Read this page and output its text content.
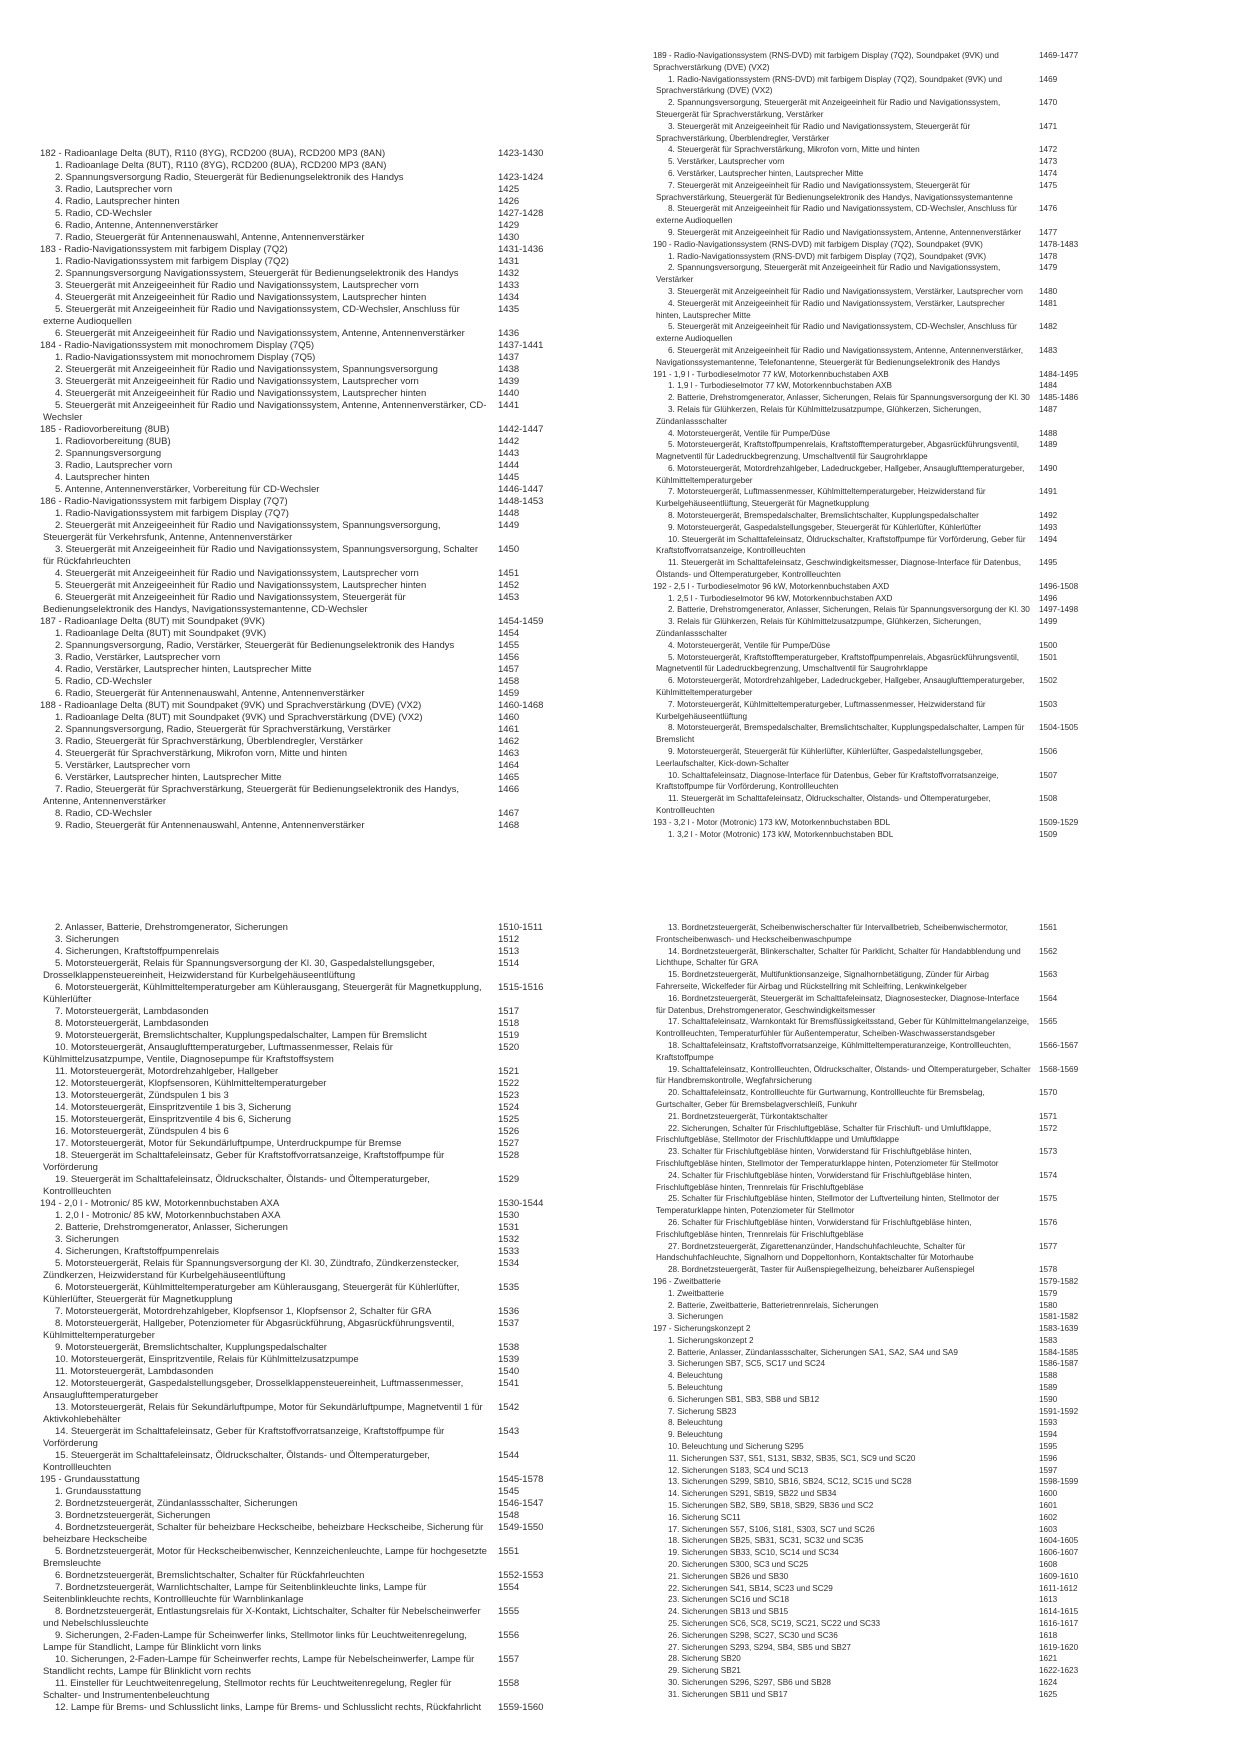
182 - Radioanlage Delta (8UT), R110 (8YG), RCD200 (8UA), RCD200 MP3 (8AN)	1423-1430
1. Radioanlage Delta (8UT), R110 (8YG), RCD200 (8UA), RCD200 MP3 (8AN)
2. Spannungsversorgung Radio, Steuergerät für Bedienungselektronik des Handys	1423-1424
3. Radio, Lautsprecher vorn	1425
4. Radio, Lautsprecher hinten	1426
5. Radio, CD-Wechsler	1427-1428
6. Radio, Antenne, Antennenverstärker	1429
7. Radio, Steuergerät für Antennenauswahl, Antenne, Antennenverstärker	1430
183 - Radio-Navigationssystem mit farbigem Display (7Q2)	1431-1436
1. Radio-Navigationssystem mit farbigem Display (7Q2)	1431
2. Spannungsversorgung Navigationssystem, Steuergerät für Bedienungselektronik des Handys	1432
3. Steuergerät mit Anzeigeeinheit für Radio und Navigationssystem, Lautsprecher vorn	1433
4. Steuergerät mit Anzeigeeinheit für Radio und Navigationssystem, Lautsprecher hinten	1434
5. Steuergerät mit Anzeigeeinheit für Radio und Navigationssystem, CD-Wechsler, Anschluss für externe Audioquellen
1435
6. Steuergerät mit Anzeigeeinheit für Radio und Navigationssystem, Antenne, Antennenverstärker	1436
184 - Radio-Navigationssystem mit monochromem Display (7Q5)	1437-1441
1. Radio-Navigationssystem mit monochromem Display (7Q5)	1437
2. Steuergerät mit Anzeigeeinheit für Radio und Navigationssystem, Spannungsversorgung	1438
3. Steuergerät mit Anzeigeeinheit für Radio und Navigationssystem, Lautsprecher vorn	1439
4. Steuergerät mit Anzeigeeinheit für Radio und Navigationssystem, Lautsprecher hinten	1440
5. Steuergerät mit Anzeigeeinheit für Radio und Navigationssystem, Antenne, Antennenverstärker, CD-Wechsler
1441
185 - Radiovorbereitung (8UB)	1442-1447
1. Radiovorbereitung (8UB)	1442
2. Spannungsversorgung	1443
3. Radio, Lautsprecher vorn	1444
4. Lautsprecher hinten	1445
5. Antenne, Antennenverstärker, Vorbereitung für CD-Wechsler	1446-1447
186 - Radio-Navigationssystem mit farbigem Display (7Q7)	1448-1453
1. Radio-Navigationssystem mit farbigem Display (7Q7)	1448
2. Steuergerät mit Anzeigeeinheit für Radio und Navigationssystem, Spannungsversorgung, Steuergerät für Verkehrsfunk, Antenne, Antennenverstärker
1449
3. Steuergerät mit Anzeigeeinheit für Radio und Navigationssystem, Spannungsversorgung, Schalter für Rückfahrleuchten
1450
4. Steuergerät mit Anzeigeeinheit für Radio und Navigationssystem, Lautsprecher vorn	1451
5. Steuergerät mit Anzeigeeinheit für Radio und Navigationssystem, Lautsprecher hinten	1452
6. Steuergerät mit Anzeigeeinheit für Radio und Navigationssystem, Steuergerät für Bedienungselektronik des Handys, Navigationssystemantenne, CD-Wechsler
1453
187 - Radioanlage Delta (8UT) mit Soundpaket (9VK)	1454-1459
1. Radioanlage Delta (8UT) mit Soundpaket (9VK)	1454
2. Spannungsversorgung, Radio, Verstärker, Steuergerät für Bedienungselektronik des Handys	1455
3. Radio, Verstärker, Lautsprecher vorn	1456
4. Radio, Verstärker, Lautsprecher hinten, Lautsprecher Mitte	1457
5. Radio, CD-Wechsler	1458
6. Radio, Steuergerät für Antennenauswahl, Antenne, Antennenverstärker	1459
188 - Radioanlage Delta (8UT) mit Soundpaket (9VK) und Sprachverstärkung (DVE) (VX2)	1460-1468
1. Radioanlage Delta (8UT) mit Soundpaket (9VK) und Sprachverstärkung (DVE) (VX2)	1460
2. Spannungsversorgung, Radio, Steuergerät für Sprachverstärkung, Verstärker	1461
3. Radio, Steuergerät für Sprachverstärkung, Überblendregler, Verstärker	1462
4. Steuergerät für Sprachverstärkung, Mikrofon vorn, Mitte und hinten	1463
5. Verstärker, Lautsprecher vorn	1464
6. Verstärker, Lautsprecher hinten, Lautsprecher Mitte	1465
7. Radio, Steuergerät für Sprachverstärkung, Steuergerät für Bedienungselektronik des Handys, Antenne, Antennenverstärker
1466
8. Radio, CD-Wechsler	1467
9. Radio, Steuergerät für Antennenauswahl, Antenne, Antennenverstärker	1468
2. Anlasser, Batterie, Drehstromgenerator, Sicherungen	1510-1511
3. Sicherungen	1512
4. Sicherungen, Kraftstoffpumpenrelais	1513
5. Motorsteuergerät, Relais für Spannungsversorgung der Kl. 30, Gaspedalstellungsgeber, Drosselklappensteuereinheit, Heizwiderstand für Kurbelgehäuseentlüftung
1514
6. Motorsteuergerät, Kühlmitteltemperaturgeber am Kühlerausgang, Steuergerät für Magnetkupplung, Kühlerlüfter
1515-1516
7. Motorsteuergerät, Lambdasonden	1517
8. Motorsteuergerät, Lambdasonden	1518
9. Motorsteuergerät, Bremslichtschalter, Kupplungspedalschalter, Lampen für Bremslicht	1519
10. Motorsteuergerät, Ansauglufttemperaturgeber, Luftmassenmesser, Relais für Kühlmittelzusatzpumpe, Ventile, Diagnosepumpe für Kraftstoffsystem
1520
11. Motorsteuergerät, Motordrehzahlgeber, Hallgeber	1521
12. Motorsteuergerät, Klopfsensoren, Kühlmitteltemperaturgeber	1522
13. Motorsteuergerät, Zündspulen 1 bis 3	1523
14. Motorsteuergerät, Einspritzventile 1 bis 3, Sicherung	1524
15. Motorsteuergerät, Einspritzventile 4 bis 6, Sicherung	1525
16. Motorsteuergerät, Zündspulen 4 bis 6	1526
17. Motorsteuergerät, Motor für Sekundärluftpumpe, Unterdruckpumpe für Bremse	1527
18. Steuergerät im Schalttafeleinsatz, Geber für Kraftstoffvorratsanzeige, Kraftstoffpumpe für Vorförderung
1528
19. Steuergerät im Schalttafeleinsatz, Öldruckschalter, Ölstands- und Öltemperaturgeber, Kontrollleuchten
1529
194 - 2,0 l - Motronic/ 85 kW, Motorkennbuchstaben AXA	1530-1544
1. 2,0 l - Motronic/ 85 kW, Motorkennbuchstaben AXA	1530
2. Batterie, Drehstromgenerator, Anlasser, Sicherungen	1531
3. Sicherungen	1532
4. Sicherungen, Kraftstoffpumpenrelais	1533
5. Motorsteuergerät, Relais für Spannungsversorgung der Kl. 30, Zündtrafo, Zündkerzenstecker, Zündkerzen, Heizwiderstand für Kurbelgehäuseentlüftung
1534
6. Motorsteuergerät, Kühlmitteltemperaturgeber am Kühlerausgang, Steuergerät für Kühlerlüfter, Kühlerlüfter, Steuergerät für Magnetkupplung
1535
7. Motorsteuergerät, Motordrehzahlgeber, Klopfsensor 1, Klopfsensor 2, Schalter für GRA	1536
8. Motorsteuergerät, Hallgeber, Potenziometer für Abgasrückführung, Abgasrückführungsventil, Kühlmitteltemperaturgeber
1537
9. Motorsteuergerät, Bremslichtschalter, Kupplungspedalschalter	1538
10. Motorsteuergerät, Einspritzventile, Relais für Kühlmittelzusatzpumpe	1539
11. Motorsteuergerät, Lambdasonden	1540
12. Motorsteuergerät, Gaspedalstellungsgeber, Drosselklappensteuereinheit, Luftmassenmesser, Ansauglufttemperaturgeber
1541
13. Motorsteuergerät, Relais für Sekundärluftpumpe, Motor für Sekundärluftpumpe, Magnetventil 1 für Aktivkohlebehälter
1542
14. Steuergerät im Schalttafeleinsatz, Geber für Kraftstoffvorratsanzeige, Kraftstoffpumpe für Vorförderung
1543
15. Steuergerät im Schalttafeleinsatz, Öldruckschalter, Ölstands- und Öltemperaturgeber, Kontrollleuchten
1544
195 - Grundausstattung	1545-1578
1. Grundausstattung	1545
2. Bordnetzsteuergerät, Zündanlassschalter, Sicherungen	1546-1547
3. Bordnetzsteuergerät, Sicherungen	1548
4. Bordnetzsteuergerät, Schalter für beheizbare Heckscheibe, beheizbare Heckscheibe, Sicherung für beheizbare Heckscheibe
1549-1550
5. Bordnetzsteuergerät, Motor für Heckscheibenwischer, Kennzeichenleuchte, Lampe für hochgesetzte Bremsleuchte
1551
6. Bordnetzsteuergerät, Bremslichtschalter, Schalter für Rückfahrleuchten	1552-1553
7. Bordnetzsteuergerät, Warnlichtschalter, Lampe für Seitenblinkleuchte links, Lampe für Seitenblinkleuchte rechts, Kontrollleuchte für Warnblinkanlage
1554
8. Bordnetzsteuergerät, Entlastungsrelais für X-Kontakt, Lichtschalter, Schalter für Nebelscheinwerfer und Nebelschlussleuchte
1555
9. Sicherungen, 2-Faden-Lampe für Scheinwerfer links, Stellmotor links für Leuchtweitenregelung, Lampe für Standlicht, Lampe für Blinklicht vorn links
1556
10. Sicherungen, 2-Faden-Lampe für Scheinwerfer rechts, Lampe für Nebelscheinwerfer, Lampe für Standlicht rechts, Lampe für Blinklicht vorn rechts
1557
11. Einsteller für Leuchtweitenregelung, Stellmotor rechts für Leuchtweitenregelung, Regler für Schalter- und Instrumentenbeleuchtung
1558
12. Lampe für Brems- und Schlusslicht links, Lampe für Brems- und Schlusslicht rechts, Rückfahrlicht	1559-1560
189 - Radio-Navigationssystem (RNS-DVD) mit farbigem Display (7Q2), Soundpaket (9VK) und Sprachverstärkung (DVE) (VX2)
1469-1477
1. Radio-Navigationssystem (RNS-DVD) mit farbigem Display (7Q2), Soundpaket (9VK) und Sprachverstärkung (DVE) (VX2)
1469
2. Spannungsversorgung, Steuergerät mit Anzeigeeinheit für Radio und Navigationssystem, Steuergerät für Sprachverstärkung, Verstärker
1470
3. Steuergerät mit Anzeigeeinheit für Radio und Navigationssystem, Steuergerät für Sprachverstärkung, Überblendregler, Verstärker
1471
4. Steuergerät für Sprachverstärkung, Mikrofon vorn, Mitte und hinten	1472
5. Verstärker, Lautsprecher vorn	1473
6. Verstärker, Lautsprecher hinten, Lautsprecher Mitte	1474
7. Steuergerät mit Anzeigeeinheit für Radio und Navigationssystem, Steuergerät für Sprachverstärkung, Steuergerät für Bedienungselektronik des Handys, Navigationssystemantenne
1475
8. Steuergerät mit Anzeigeeinheit für Radio und Navigationssystem, CD-Wechsler, Anschluss für externe Audioquellen
1476
9. Steuergerät mit Anzeigeeinheit für Radio und Navigationssystem, Antenne, Antennenverstärker	1477
190 - Radio-Navigationssystem (RNS-DVD) mit farbigem Display (7Q2), Soundpaket (9VK)	1478-1483
1. Radio-Navigationssystem (RNS-DVD) mit farbigem Display (7Q2), Soundpaket (9VK)	1478
2. Spannungsversorgung, Steuergerät mit Anzeigeeinheit für Radio und Navigationssystem, Verstärker
1479
3. Steuergerät mit Anzeigeeinheit für Radio und Navigationssystem, Verstärker, Lautsprecher vorn	1480
4. Steuergerät mit Anzeigeeinheit für Radio und Navigationssystem, Verstärker, Lautsprecher hinten, Lautsprecher Mitte
1481
5. Steuergerät mit Anzeigeeinheit für Radio und Navigationssystem, CD-Wechsler, Anschluss für externe Audioquellen
1482
6. Steuergerät mit Anzeigeeinheit für Radio und Navigationssystem, Antenne, Antennenverstärker, Navigationssystemantenne, Telefonantenne, Steuergerät für Bedienungselektronik des Handys
1483
191 - 1,9 l - Turbodieselmotor 77 kW, Motorkennbuchstaben AXB	1484-1495
1. 1,9 l - Turbodieselmotor 77 kW, Motorkennbuchstaben AXB	1484
2. Batterie, Drehstromgenerator, Anlasser, Sicherungen, Relais für Spannungsversorgung der Kl. 30	1485-1486
3. Relais für Glühkerzen, Relais für Kühlmittelzusatzpumpe, Glühkerzen, Sicherungen, Zündanlassschalter
1487
4. Motorsteuergerät, Ventile für Pumpe/Düse	1488
5. Motorsteuergerät, Kraftstoffpumpenrelais, Kraftstofftemperaturgeber, Abgasrückführungsventil, Magnetventil für Ladedruckbegrenzung, Umschaltventil für Saugrohrklappe
1489
6. Motorsteuergerät, Motordrehzahlgeber, Ladedruckgeber, Hallgeber, Ansauglufttemperaturgeber, Kühlmitteltemperaturgeber
1490
7. Motorsteuergerät, Luftmassenmesser, Kühlmitteltemperaturgeber, Heizwiderstand für Kurbelgehäuseentlüftung, Steuergerät für Magnetkupplung
1491
8. Motorsteuergerät, Bremspedalschalter, Bremslichtschalter, Kupplungspedalschalter	1492
9. Motorsteuergerät, Gaspedalstellungsgeber, Steuergerät für Kühlerlüfter, Kühlerlüfter	1493
10. Steuergerät im Schalttafeleinsatz, Öldruckschalter, Kraftstoffpumpe für Vorförderung, Geber für Kraftstoffvorratsanzeige, Kontrollleuchten
1494
11. Steuergerät im Schalttafeleinsatz, Geschwindigkeitsmesser, Diagnose-Interface für Datenbus, Ölstands- und Öltemperaturgeber, Kontrollleuchten
1495
192 - 2,5 l - Turbodieselmotor 96 kW, Motorkennbuchstaben AXD	1496-1508
1. 2,5 l - Turbodieselmotor 96 kW, Motorkennbuchstaben AXD	1496
2. Batterie, Drehstromgenerator, Anlasser, Sicherungen, Relais für Spannungsversorgung der Kl. 30	1497-1498
3. Relais für Glühkerzen, Relais für Kühlmittelzusatzpumpe, Glühkerzen, Sicherungen, Zündanlassschalter
1499
4. Motorsteuergerät, Ventile für Pumpe/Düse	1500
5. Motorsteuergerät, Kraftstofftemperaturgeber, Kraftstoffpumpenrelais, Abgasrückführungsventil, Magnetventil für Ladedruckbegrenzung, Umschaltventil für Saugrohrklappe
1501
6. Motorsteuergerät, Motordrehzahlgeber, Ladedruckgeber, Hallgeber, Ansauglufttemperaturgeber, Kühlmitteltemperaturgeber
1502
7. Motorsteuergerät, Kühlmitteltemperaturgeber, Luftmassenmesser, Heizwiderstand für Kurbelgehäuseentlüftung
1503
8. Motorsteuergerät, Bremspedalschalter, Bremslichtschalter, Kupplungspedalschalter, Lampen für Bremslicht
1504-1505
9. Motorsteuergerät, Steuergerät für Kühlerlüfter, Kühlerlüfter, Gaspedalstellungsgeber, Leerlaufschalter, Kick-down-Schalter
1506
10. Schalttafeleinsatz, Diagnose-Interface für Datenbus, Geber für Kraftstoffvorratsanzeige, Kraftstoffpumpe für Vorförderung, Kontrollleuchten
1507
11. Steuergerät im Schalttafeleinsatz, Öldruckschalter, Ölstands- und Öltemperaturgeber, Kontrollleuchten
1508
193 - 3,2 l - Motor (Motronic) 173 kW, Motorkennbuchstaben BDL	1509-1529
1. 3,2 l - Motor (Motronic) 173 kW, Motorkennbuchstaben BDL	1509
13. Bordnetzsteuergerät, Scheibenwischerschalter für Intervallbetrieb, Scheibenwischermotor, Frontscheibenwasch- und Heckscheibenwaschpumpe
1561
14. Bordnetzsteuergerät, Blinkerschalter, Schalter für Parklicht, Schalter für Handabblendung und Lichthupe, Schalter für GRA
1562
15. Bordnetzsteuergerät, Multifunktionsanzeige, Signalhornbetätigung, Zünder für Airbag Fahrerseite, Wickelfeder für Airbag und Rückstellring mit Schleifring, Lenkwinkelgeber
1563
16. Bordnetzsteuergerät, Steuergerät im Schalttafeleinsatz, Diagnosestecker, Diagnose-Interface für Datenbus, Drehstromgenerator, Geschwindigkeitsmesser
1564
17. Schalttafeleinsatz, Warnkontakt für Bremsflüssigkeitsstand, Geber für Kühlmittelmangelanzeige, Kontrollleuchten, Temperaturfühler für Außentemperatur, Scheiben-Waschwasserstandsgeber
1565
18. Schalttafeleinsatz, Kraftstoffvorratsanzeige, Kühlmitteltemperaturanzeige, Kontrollleuchten, Kraftstoffpumpe
1566-1567
19. Schalttafeleinsatz, Kontrollleuchten, Öldruckschalter, Ölstands- und Öltemperaturgeber, Schalter für Handbremskontrolle, Wegfahrsicherung
1568-1569
20. Schalttafeleinsatz, Kontrollleuchte für Gurtwarnung, Kontrollleuchte für Bremsbelag, Gurtschalter, Geber für Bremsbelagverschleiß, Funkuhr
1570
21. Bordnetzsteuergerät, Türkontaktschalter	1571
22. Sicherungen, Schalter für Frischluftgebläse, Schalter für Frischluft- und Umluftklappe, Frischluftgebläse, Stellmotor der Frischluftklappe und Umluftklappe
1572
23. Schalter für Frischluftgebläse hinten, Vorwiderstand für Frischluftgebläse hinten, Frischluftgebläse hinten, Stellmotor der Temperaturklappe hinten, Potenziometer für Stellmotor
1573
24. Schalter für Frischluftgebläse hinten, Vorwiderstand für Frischluftgebläse hinten, Frischluftgebläse hinten, Trennrelais für Frischluftgebläse
1574
25. Schalter für Frischluftgebläse hinten, Stellmotor der Luftverteilung hinten, Stellmotor der Temperaturklappe hinten, Potenziometer für Stellmotor
1575
26. Schalter für Frischluftgebläse hinten, Vorwiderstand für Frischluftgebläse hinten, Frischluftgebläse hinten, Trennrelais für Frischluftgebläse
1576
27. Bordnetzsteuergerät, Zigarettenanzünder, Handschuhfachleuchte, Schalter für Handschuhfachleuchte, Signalhorn und Doppeltonhorn, Kontaktschalter für Motorhaube
1577
28. Bordnetzsteuergerät, Taster für Außenspiegelheizung, beheizbarer Außenspiegel	1578
196 - Zweitbatterie	1579-1582
1. Zweitbatterie	1579
2. Batterie, Zweitbatterie, Batterietrennrelais, Sicherungen	1580
3. Sicherungen	1581-1582
197 - Sicherungskonzept 2	1583-1639
1. Sicherungskonzept 2	1583
2. Batterie, Anlasser, Zündanlassschalter, Sicherungen SA1, SA2, SA4 und SA9	1584-1585
3. Sicherungen SB7, SC5, SC17 und SC24	1586-1587
4. Beleuchtung	1588
5. Beleuchtung	1589
6. Sicherungen SB1, SB3, SB8 und SB12	1590
7. Sicherung SB23	1591-1592
8. Beleuchtung	1593
9. Beleuchtung	1594
10. Beleuchtung und Sicherung S295	1595
11. Sicherungen S37, S51, S131, SB32, SB35, SC1, SC9 und SC20	1596
12. Sicherungen S183, SC4 und SC13	1597
13. Sicherungen S299, SB10, SB16, SB24, SC12, SC15 und SC28	1598-1599
14. Sicherungen S291, SB19, SB22 und SB34	1600
15. Sicherungen SB2, SB9, SB18, SB29, SB36 und SC2	1601
16. Sicherung SC11	1602
17. Sicherungen S57, S106, S181, S303, SC7 und SC26	1603
18. Sicherungen SB25, SB31, SC31, SC32 und SC35	1604-1605
19. Sicherungen SB33, SC10, SC14 und SC34	1606-1607
20. Sicherungen S300, SC3 und SC25	1608
21. Sicherungen SB26 und SB30	1609-1610
22. Sicherungen S41, SB14, SC23 und SC29	1611-1612
23. Sicherungen SC16 und SC18	1613
24. Sicherungen SB13 und SB15	1614-1615
25. Sicherungen SC6, SC8, SC19, SC21, SC22 und SC33	1616-1617
26. Sicherungen S298, SC27, SC30 und SC36	1618
27. Sicherungen S293, S294, SB4, SB5 und SB27	1619-1620
28. Sicherung SB20	1621
29. Sicherung SB21	1622-1623
30. Sicherungen S296, S297, SB6 und SB28	1624
31. Sicherungen SB11 und SB17	1625
